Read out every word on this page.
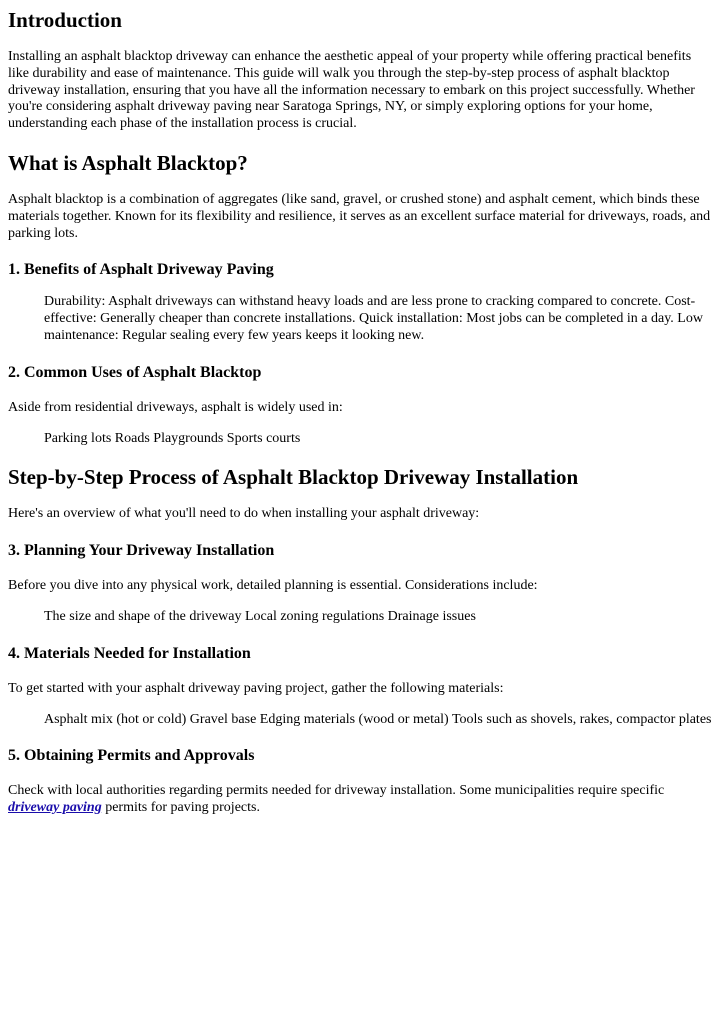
Introduction

Installing an asphalt blacktop driveway can enhance the aesthetic appeal of your property while offering practical benefits like durability and ease of maintenance. This guide will walk you through the step-by-step process of asphalt blacktop driveway installation, ensuring that you have all the information necessary to embark on this project successfully. Whether you're considering asphalt driveway paving near Saratoga Springs, NY, or simply exploring options for your home, understanding each phase of the installation process is crucial.

What is Asphalt Blacktop?

Asphalt blacktop is a combination of aggregates (like sand, gravel, or crushed stone) and asphalt cement, which binds these materials together. Known for its flexibility and resilience, it serves as an excellent surface material for driveways, roads, and parking lots.

1. Benefits of Asphalt Driveway Paving
Durability: Asphalt driveways can withstand heavy loads and are less prone to cracking compared to concrete. Cost-effective: Generally cheaper than concrete installations. Quick installation: Most jobs can be completed in a day. Low maintenance: Regular sealing every few years keeps it looking new.
2. Common Uses of Asphalt Blacktop

Aside from residential driveways, asphalt is widely used in:

Parking lots Roads Playgrounds Sports courts
Step-by-Step Process of Asphalt Blacktop Driveway Installation

Here's an overview of what you'll need to do when installing your asphalt driveway:

3. Planning Your Driveway Installation

Before you dive into any physical work, detailed planning is essential. Considerations include:

The size and shape of the driveway Local zoning regulations Drainage issues
4. Materials Needed for Installation

To get started with your asphalt driveway paving project, gather the following materials:

Asphalt mix (hot or cold) Gravel base Edging materials (wood or metal) Tools such as shovels, rakes, compactor plates
5. Obtaining Permits and Approvals

Check with local authorities regarding permits needed for driveway installation. Some municipalities require specific driveway paving permits for paving projects.
